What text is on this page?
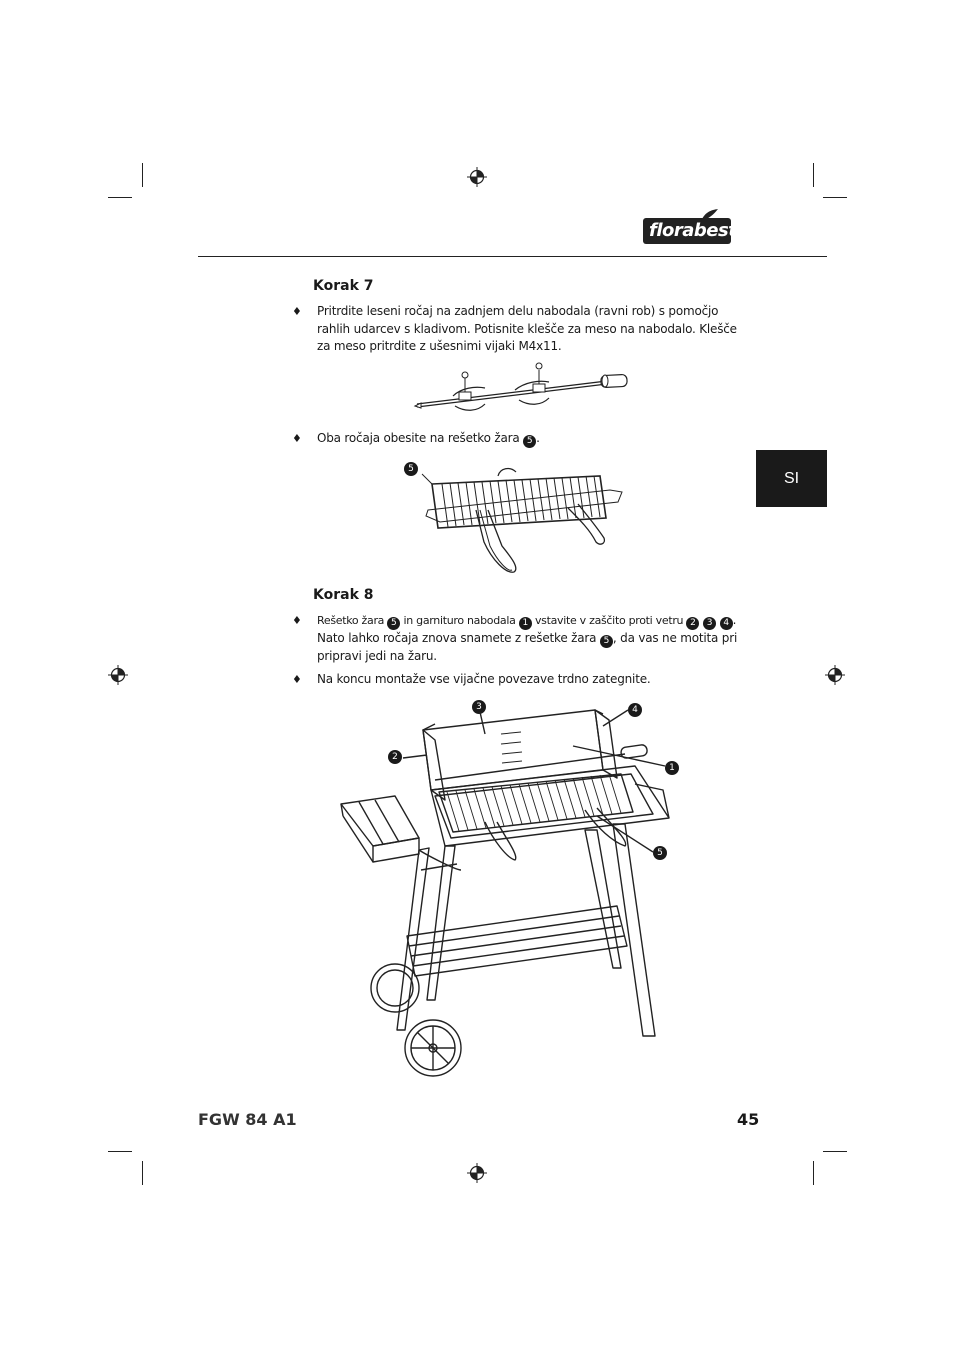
florabest
SI
Korak 7
♦ Pritrdite leseni ročaj na zadnjem delu nabodala (ravni rob) s pomočjo rahlih udarcev s kladivom. Potisnite klešče za meso na nabodalo. Klešče za meso pritrdite z ušesnimi vijaki M4x11.
♦ Oba ročaja obesite na rešetko žara 5 .
5
Korak 8
♦ Rešetko žara 5 in garnituro nabodala 1 vstavite v zaščito proti vetru 2 3 4 .
Nato lahko ročaja znova snamete z rešetke žara 5 , da vas ne motita pri
pripravi jedi na žaru.
♦ Na koncu montaže vse vijačne povezave trdno zategnite.
3	4
2
1
5
FGW 84 A1	45
